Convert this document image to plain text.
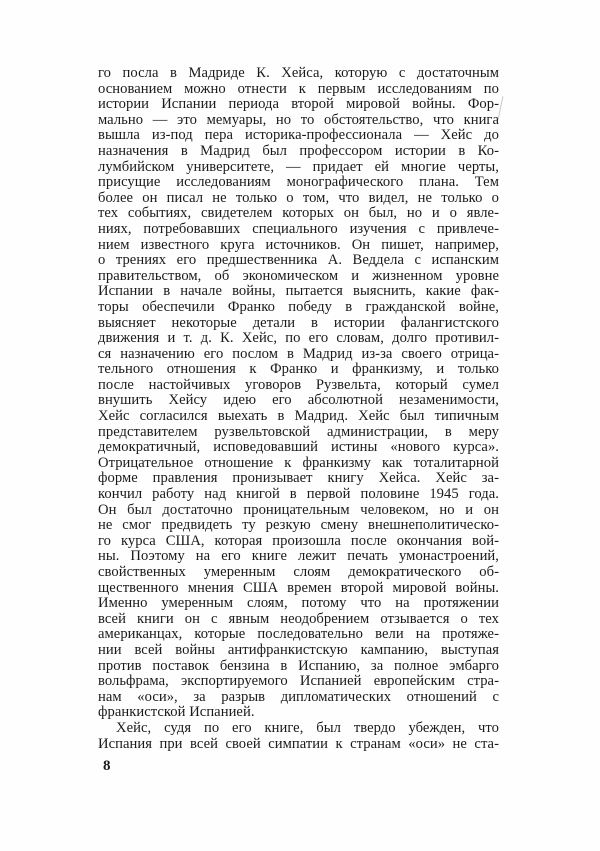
го посла в Мадриде К. Хейса, которую с достаточным
основанием можно отнести к первым исследованиям по
истории Испании периода второй мировой войны. Фор-
мально — это мемуары, но то обстоятельство, что книга
вышла из-под пера историка-профессионала — Хейс до
назначения в Мадрид был профессором истории в Ко-
лумбийском университете, — придает ей многие черты,
присущие исследованиям монографического плана. Тем
более он писал не только о том, что видел, не только о
тех событиях, свидетелем которых он был, но и о явле-
ниях, потребовавших специального изучения с привлече-
нием известного круга источников. Он пишет, например,
о трениях его предшественника А. Веддела с испанским
правительством, об экономическом и жизненном уровне
Испании в начале войны, пытается выяснить, какие фак-
торы обеспечили Франко победу в гражданской войне,
выясняет некоторые детали в истории фалангистского
движения и т. д. К. Хейс, по его словам, долго противил-
ся назначению его послом в Мадрид из-за своего отрица-
тельного отношения к Франко и франкизму, и только
после настойчивых уговоров Рузвельта, который сумел
внушить Хейсу идею его абсолютной незаменимости,
Хейс согласился выехать в Мадрид. Хейс был типичным
представителем рузвельтовской администрации, в меру
демократичный, исповедовавший истины «нового курса».
Отрицательное отношение к франкизму как тоталитарной
форме правления пронизывает книгу Хейса. Хейс за-
кончил работу над книгой в первой половине 1945 года.
Он был достаточно проницательным человеком, но и он
не смог предвидеть ту резкую смену внешнеполитическо-
го курса США, которая произошла после окончания вой-
ны. Поэтому на его книге лежит печать умонастроений,
свойственных умеренным слоям демократического об-
щественного мнения США времен второй мировой войны.
Именно умеренным слоям, потому что на протяжении
всей книги он с явным неодобрением отзывается о тех
американцах, которые последовательно вели на протяже-
нии всей войны антифранкистскую кампанию, выступая
против поставок бензина в Испанию, за полное эмбарго
вольфрама, экспортируемого Испанией европейским стра-
нам «оси», за разрыв дипломатических отношений с
франкистской Испанией.
Хейс, судя по его книге, был твердо убежден, что
Испания при всей своей симпатии к странам «оси» не ста-
8
